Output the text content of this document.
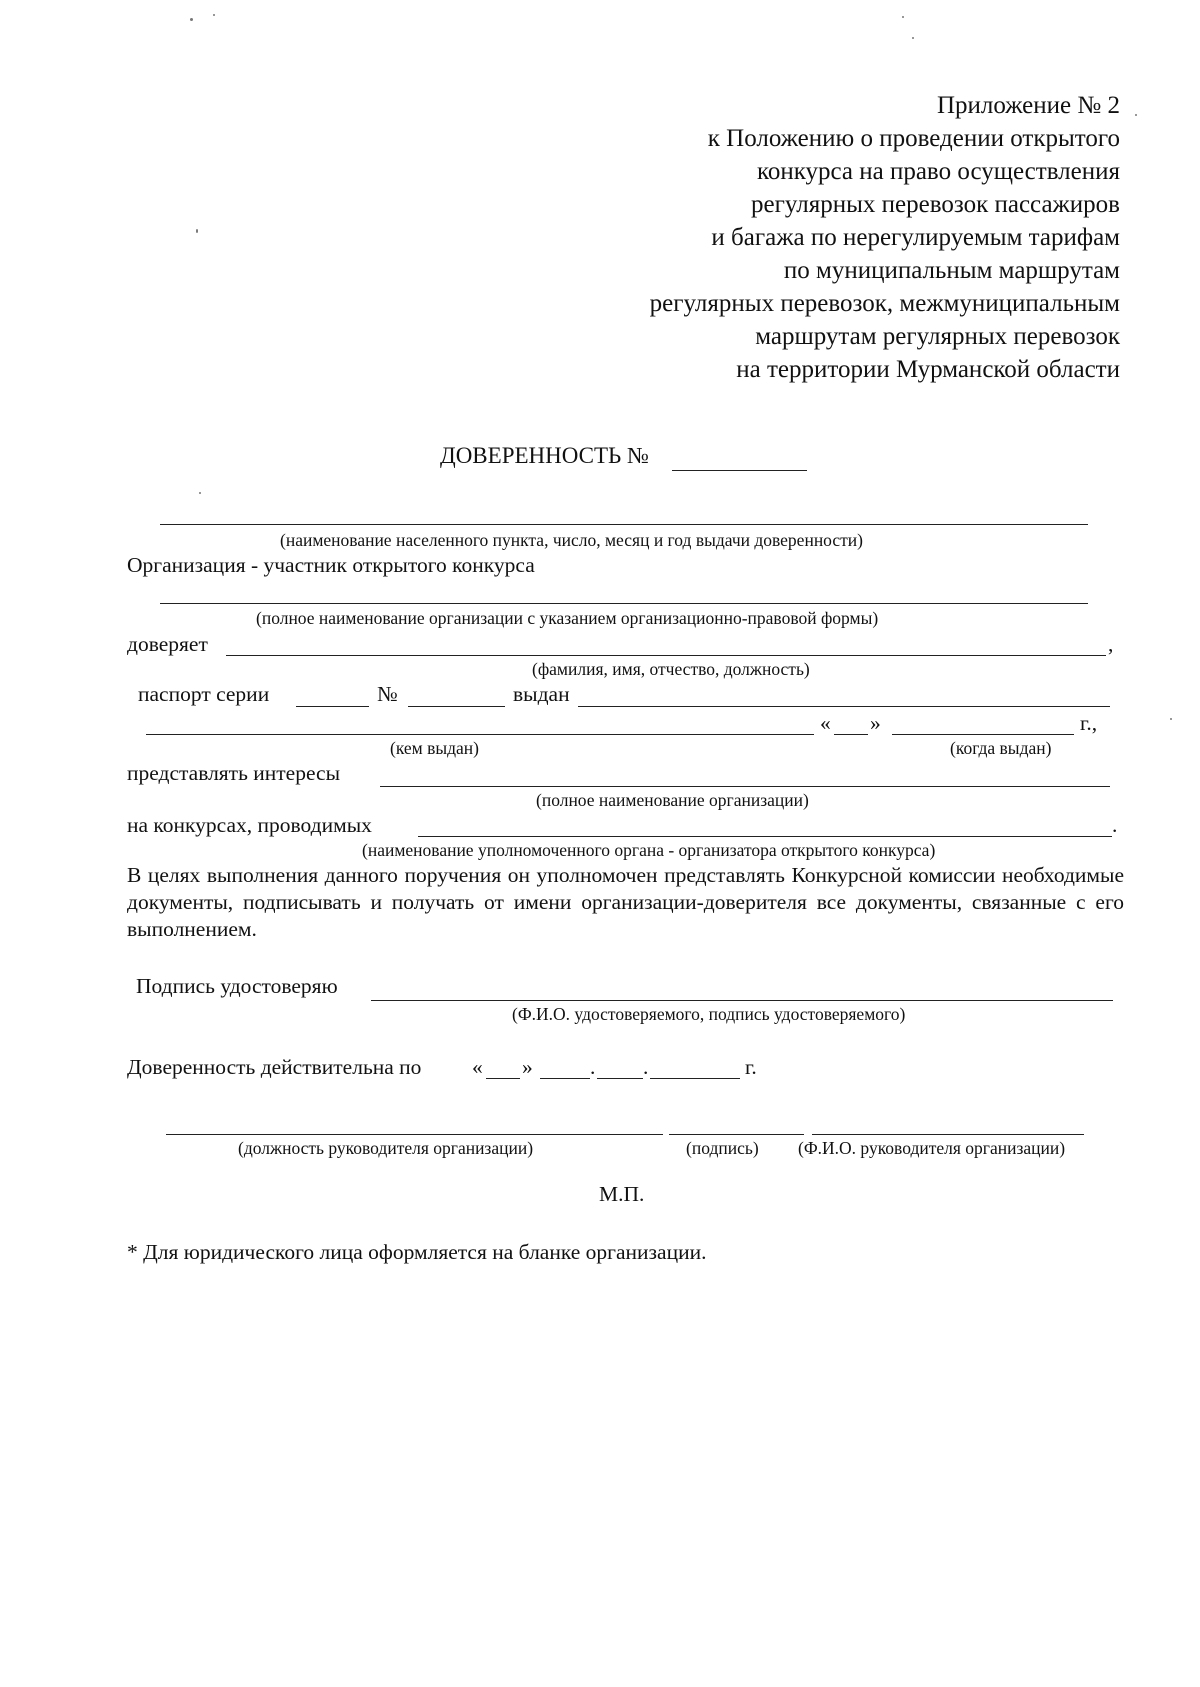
Приложение № 2
к Положению о проведении открытого
конкурса на право осуществления
регулярных перевозок пассажиров
и багажа по нерегулируемым тарифам
по муниципальным маршрутам
регулярных перевозок, межмуниципальным
маршрутам регулярных перевозок
на территории Мурманской области
ДОВЕРЕННОСТЬ №
(наименование населенного пункта, число, месяц и год выдачи доверенности)
Организация - участник открытого конкурса
(полное наименование организации с указанием организационно-правовой формы)
доверяет	,
(фамилия, имя, отчество, должность)
паспорт серии	№	выдан
« »	г.,
(кем выдан)	(когда выдан)
представлять интересы
(полное наименование организации)
на конкурсах, проводимых	.
(наименование уполномоченного органа - организатора открытого конкурса)
В целях выполнения данного поручения он уполномочен представлять Конкурсной комиссии необходимые документы, подписывать и получать от имени организации-доверителя все документы, связанные с его выполнением.
Подпись удостоверяю
(Ф.И.О. удостоверяемого, подпись удостоверяемого)
Доверенность действительна по « »	. .	г.
(должность руководителя организации)	(подпись) (Ф.И.О. руководителя организации)
М.П.
* Для юридического лица оформляется на бланке организации.
